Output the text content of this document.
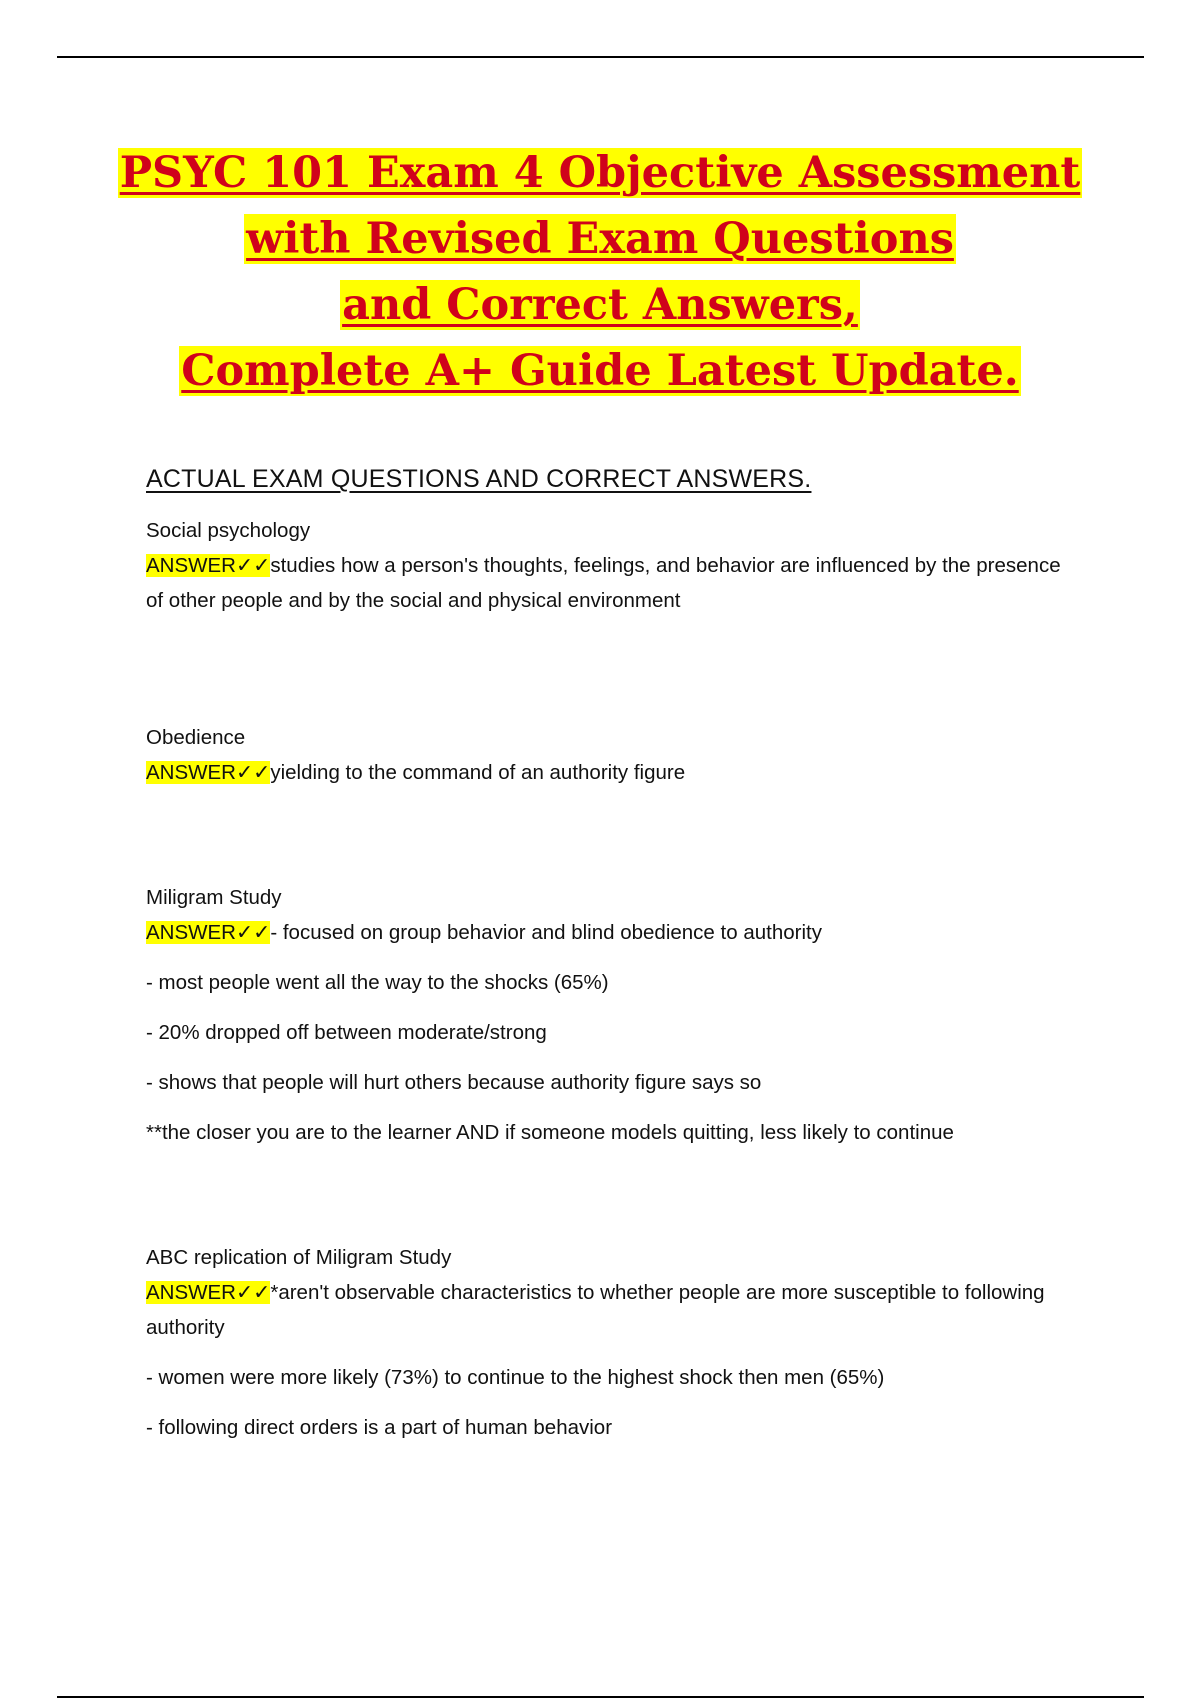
PSYC 101 Exam 4 Objective Assessment
with Revised Exam Questions
and Correct Answers,
Complete A+ Guide Latest Update.
ACTUAL EXAM QUESTIONS AND CORRECT ANSWERS.

Social psychology

ANSWER✓✓studies how a person's thoughts, feelings, and behavior are influenced by the presence of other people and by the social and physical environment

Obedience

ANSWER✓✓yielding to the command of an authority figure

Miligram Study

ANSWER✓✓- focused on group behavior and blind obedience to authority

- most people went all the way to the shocks (65%)

- 20% dropped off between moderate/strong

- shows that people will hurt others because authority figure says so

**the closer you are to the learner AND if someone models quitting, less likely to continue

ABC replication of Miligram Study

ANSWER✓✓*aren't observable characteristics to whether people are more susceptible to following authority

- women were more likely (73%) to continue to the highest shock then men (65%)

- following direct orders is a part of human behavior
